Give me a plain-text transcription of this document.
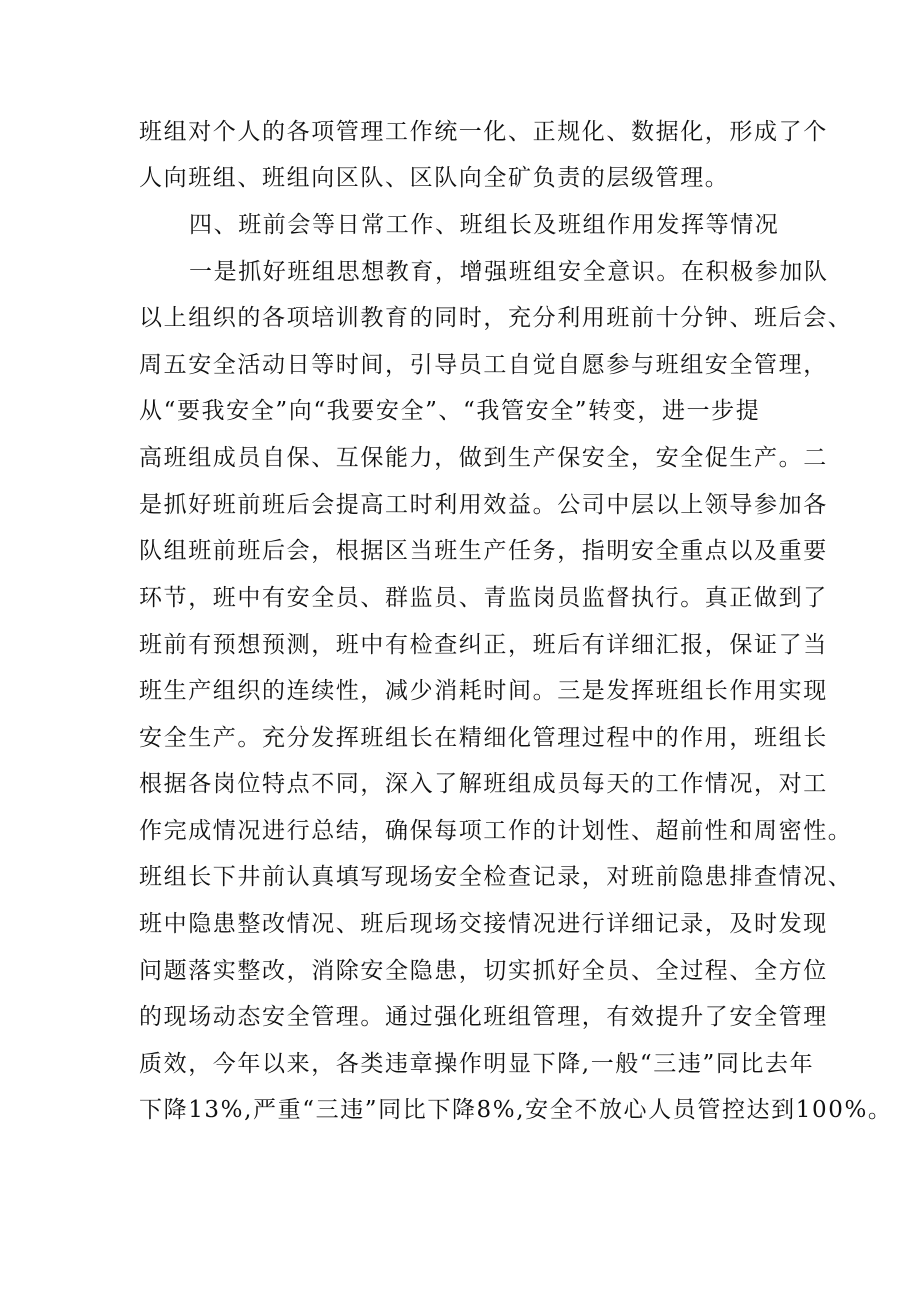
班组对个人的各项管理工作统一化、正规化、数据化，形成了个
人向班组、班组向区队、区队向全矿负责的层级管理。
四、班前会等日常工作、班组长及班组作用发挥等情况
一是抓好班组思想教育，增强班组安全意识。在积极参加队
以上组织的各项培训教育的同时，充分利用班前十分钟、班后会、
周五安全活动日等时间，引导员工自觉自愿参与班组安全管理，
从“要我安全”向“我要安全”、“我管安全”转变，进一步提
高班组成员自保、互保能力，做到生产保安全，安全促生产。二
是抓好班前班后会提高工时利用效益。公司中层以上领导参加各
队组班前班后会，根据区当班生产任务，指明安全重点以及重要
环节，班中有安全员、群监员、青监岗员监督执行。真正做到了
班前有预想预测，班中有检查纠正，班后有详细汇报，保证了当
班生产组织的连续性，减少消耗时间。三是发挥班组长作用实现
安全生产。充分发挥班组长在精细化管理过程中的作用，班组长
根据各岗位特点不同，深入了解班组成员每天的工作情况，对工
作完成情况进行总结，确保每项工作的计划性、超前性和周密性。
班组长下井前认真填写现场安全检查记录，对班前隐患排查情况、
班中隐患整改情况、班后现场交接情况进行详细记录，及时发现
问题落实整改，消除安全隐患，切实抓好全员、全过程、全方位
的现场动态安全管理。通过强化班组管理，有效提升了安全管理
质效，今年以来，各类违章操作明显下降,一般“三违”同比去年
下降13%,严重“三违”同比下降8%,安全不放心人员管控达到100%。
